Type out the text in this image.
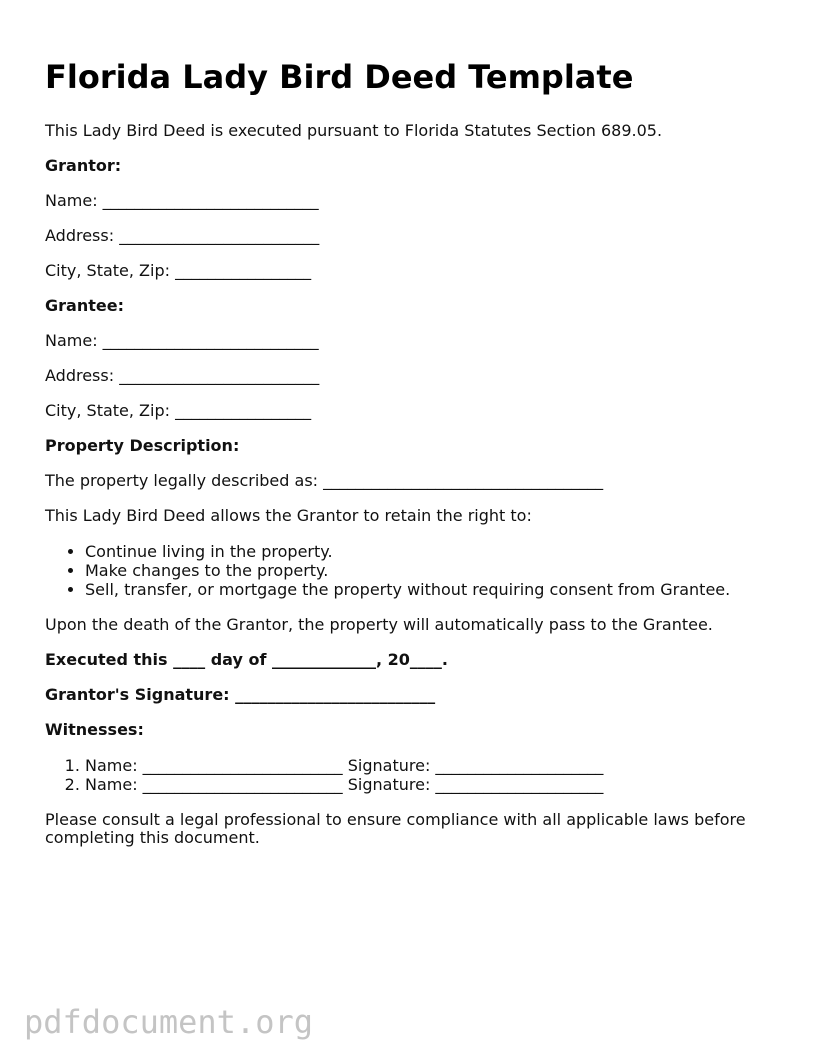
Florida Lady Bird Deed Template

This Lady Bird Deed is executed pursuant to Florida Statutes Section 689.05.

Grantor:

Name: ___________________________

Address: _________________________

City, State, Zip: _________________

Grantee:

Name: ___________________________

Address: _________________________

City, State, Zip: _________________

Property Description:

The property legally described as: ___________________________________

This Lady Bird Deed allows the Grantor to retain the right to:

• Continue living in the property.
• Make changes to the property.
• Sell, transfer, or mortgage the property without requiring consent from Grantee.

Upon the death of the Grantor, the property will automatically pass to the Grantee.

Executed this ____ day of _____________, 20____.

Grantor's Signature: _________________________

Witnesses:

1. Name: _________________________ Signature: _____________________
2. Name: _________________________ Signature: _____________________

Please consult a legal professional to ensure compliance with all applicable laws before completing this document.

pdfdocument.org
